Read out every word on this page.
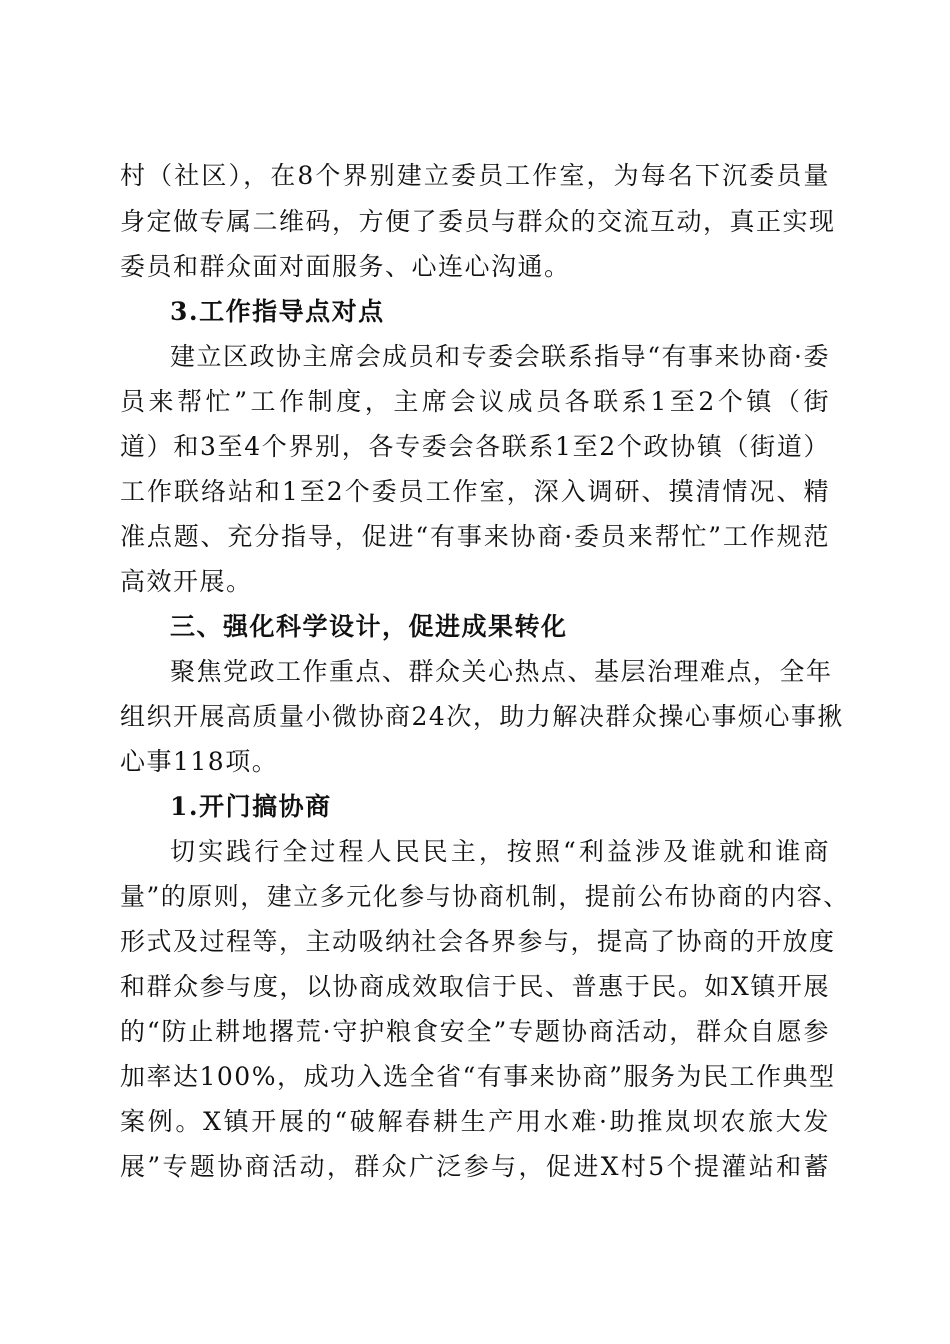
村（社区），在8个界别建立委员工作室，为每名下沉委员量
身定做专属二维码，方便了委员与群众的交流互动，真正实现
委员和群众面对面服务、心连心沟通。
3.工作指导点对点
建立区政协主席会成员和专委会联系指导“有事来协商·委
员来帮忙”工作制度，主席会议成员各联系1至2个镇（街
道）和3至4个界别，各专委会各联系1至2个政协镇（街道）
工作联络站和1至2个委员工作室，深入调研、摸清情况、精
准点题、充分指导，促进“有事来协商·委员来帮忙”工作规范
高效开展。
三、强化科学设计，促进成果转化
聚焦党政工作重点、群众关心热点、基层治理难点，全年
组织开展高质量小微协商24次，助力解决群众操心事烦心事揪
心事118项。
1.开门搞协商
切实践行全过程人民民主，按照“利益涉及谁就和谁商
量”的原则，建立多元化参与协商机制，提前公布协商的内容、
形式及过程等，主动吸纳社会各界参与，提高了协商的开放度
和群众参与度，以协商成效取信于民、普惠于民。如X镇开展
的“防止耕地撂荒·守护粮食安全”专题协商活动，群众自愿参
加率达100%，成功入选全省“有事来协商”服务为民工作典型
案例。X镇开展的“破解春耕生产用水难·助推岚坝农旅大发
展”专题协商活动，群众广泛参与，促进X村5个提灌站和蓄
